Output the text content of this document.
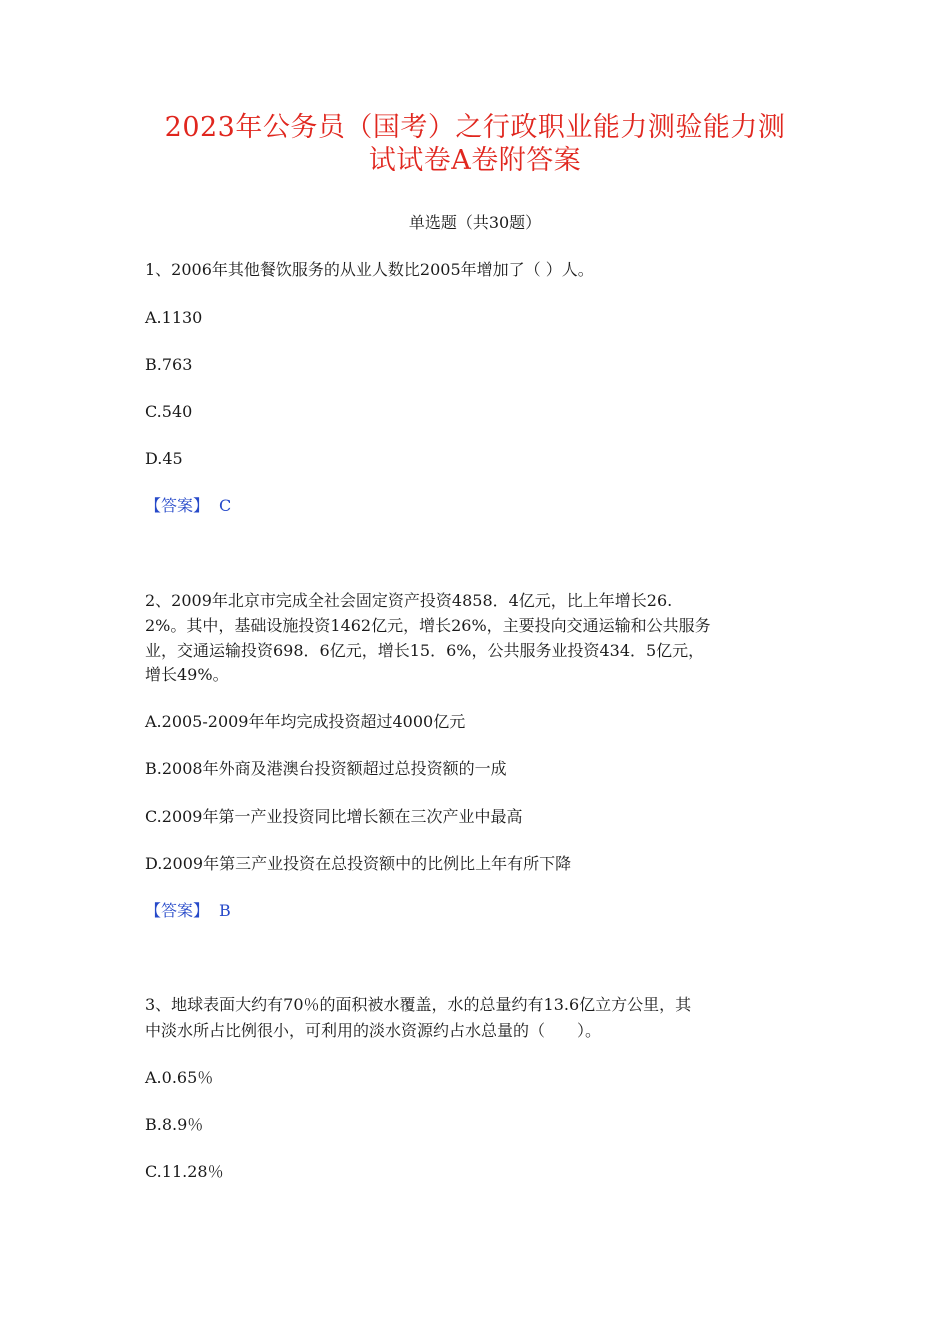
2023年公务员（国考）之行政职业能力测验能力测
试试卷A卷附答案
单选题（共30题）
1、2006年其他餐饮服务的从业人数比2005年增加了（ ）人。
A.1130
B.763
C.540
D.45
【答案】 C
2、2009年北京市完成全社会固定资产投资4858．4亿元，比上年增长26.
2%。其中，基础设施投资1462亿元，增长26%，主要投向交通运输和公共服务
业，交通运输投资698．6亿元，增长15．6%，公共服务业投资434．5亿元，
增长49%。
A.2005-2009年年均完成投资超过4000亿元
B.2008年外商及港澳台投资额超过总投资额的一成
C.2009年第一产业投资同比增长额在三次产业中最高
D.2009年第三产业投资在总投资额中的比例比上年有所下降
【答案】 B
3、地球表面大约有70％的面积被水覆盖，水的总量约有13.6亿立方公里，其
中淡水所占比例很小，可利用的淡水资源约占水总量的（　　）。
A.0.65％
B.8.9％
C.11.28％
